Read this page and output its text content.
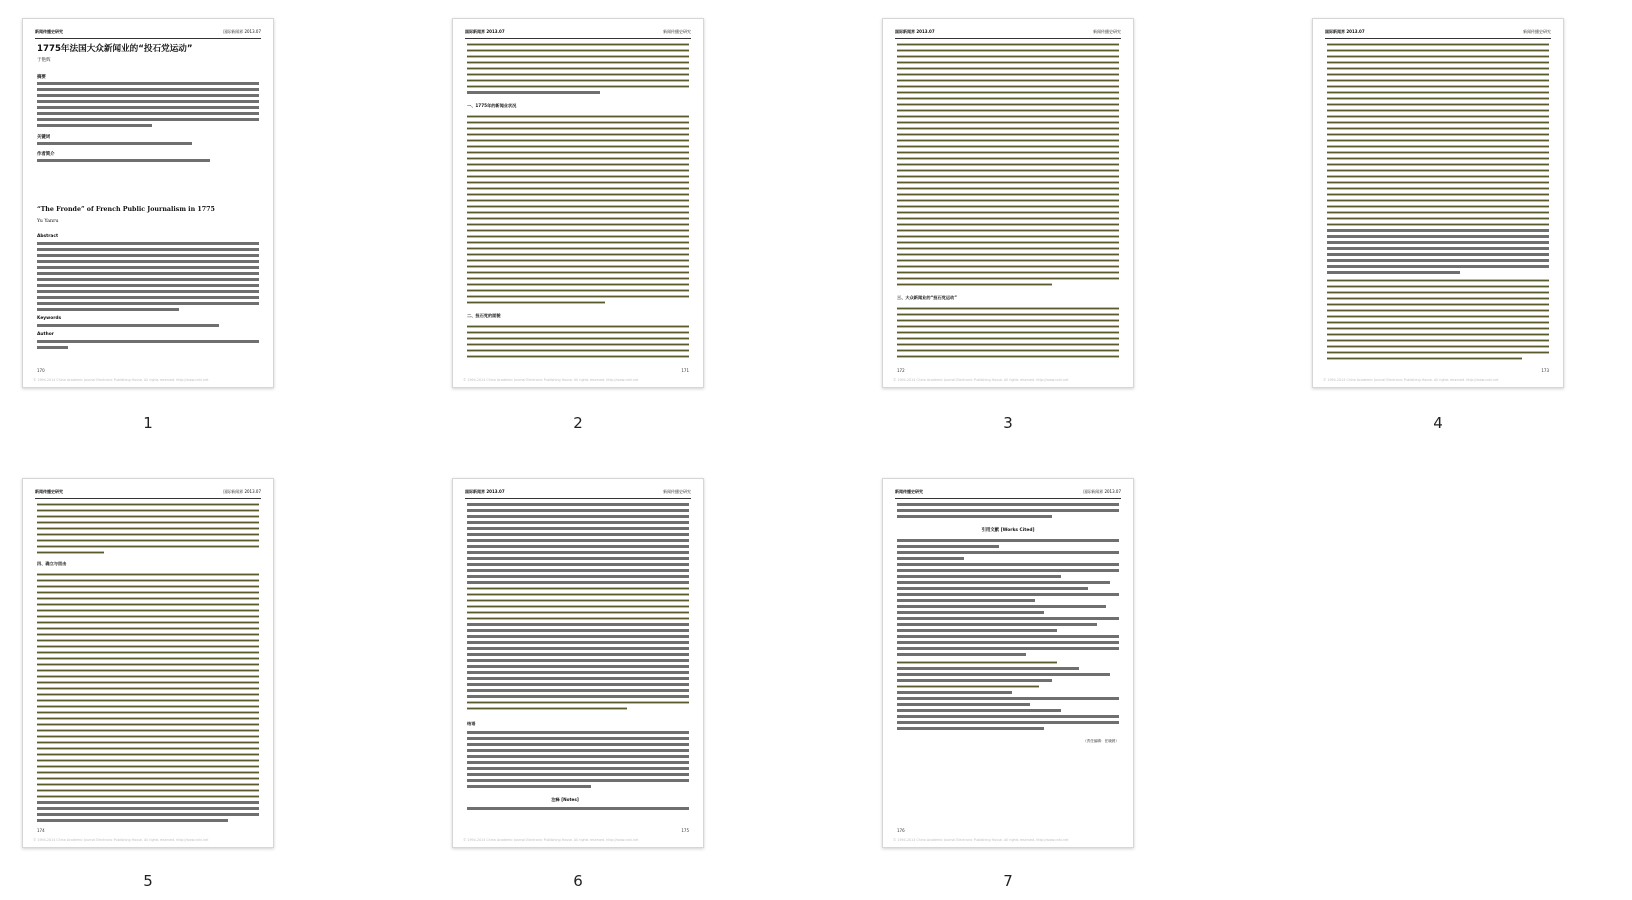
新闻传播史研究	国际新闻界 2013.07
1775年法国大众新闻业的“投石党运动”
于艳辉
摘要
关键词
作者简介
“The Fronde” of French Public Journalism in 1775
Yu Yanru
Abstract
Keywords
Author
170
© 1994-2014 China Academic Journal Electronic Publishing House. All rights reserved. http://www.cnki.net
1
国际新闻界 2013.07	新闻传播史研究
一、1775年的新闻业状况
二、投石党的面貌
171
© 1994-2014 China Academic Journal Electronic Publishing House. All rights reserved. http://www.cnki.net
2
国际新闻界 2013.07	新闻传播史研究
三、大众新闻业的“投石党运动”
172
© 1994-2014 China Academic Journal Electronic Publishing House. All rights reserved. http://www.cnki.net
3
国际新闻界 2013.07	新闻传播史研究
173
© 1994-2014 China Academic Journal Electronic Publishing House. All rights reserved. http://www.cnki.net
4
新闻传播史研究	国际新闻界 2013.07
四、确立与回击
174
© 1994-2014 China Academic Journal Electronic Publishing House. All rights reserved. http://www.cnki.net
5
国际新闻界 2013.07	新闻传播史研究
结语
注释 [Notes]
175
© 1994-2014 China Academic Journal Electronic Publishing House. All rights reserved. http://www.cnki.net
6
新闻传播史研究	国际新闻界 2013.07
引用文献 [Works Cited]
（责任编辑：任晓晨）
176
© 1994-2014 China Academic Journal Electronic Publishing House. All rights reserved. http://www.cnki.net
7
